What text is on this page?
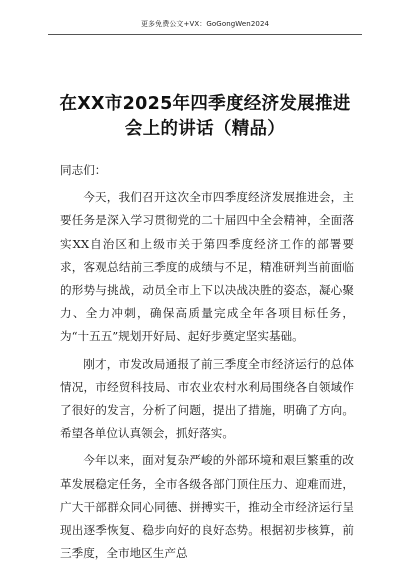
更多免费公文+VX：GoGongWen2024
在XX市2025年四季度经济发展推进会上的讲话（精品）

同志们：

今天，我们召开这次全市四季度经济发展推进会，主要任务是深入学习贯彻党的二十届四中全会精神，全面落实XX自治区和上级市关于第四季度经济工作的部署要求，客观总结前三季度的成绩与不足，精准研判当前面临的形势与挑战，动员全市上下以决战决胜的姿态，凝心聚力、全力冲刺，确保高质量完成全年各项目标任务，为“十五五”规划开好局、起好步奠定坚实基础。

刚才，市发改局通报了前三季度全市经济运行的总体情况，市经贸科技局、市农业农村水利局围绕各自领域作了很好的发言，分析了问题，提出了措施，明确了方向。希望各单位认真领会，抓好落实。

今年以来，面对复杂严峻的外部环境和艰巨繁重的改革发展稳定任务，全市各级各部门顶住压力、迎难而进，广大干部群众同心同德、拼搏实干，推动全市经济运行呈现出逐季恢复、稳步向好的良好态势。根据初步核算，前三季度，全市地区生产总
